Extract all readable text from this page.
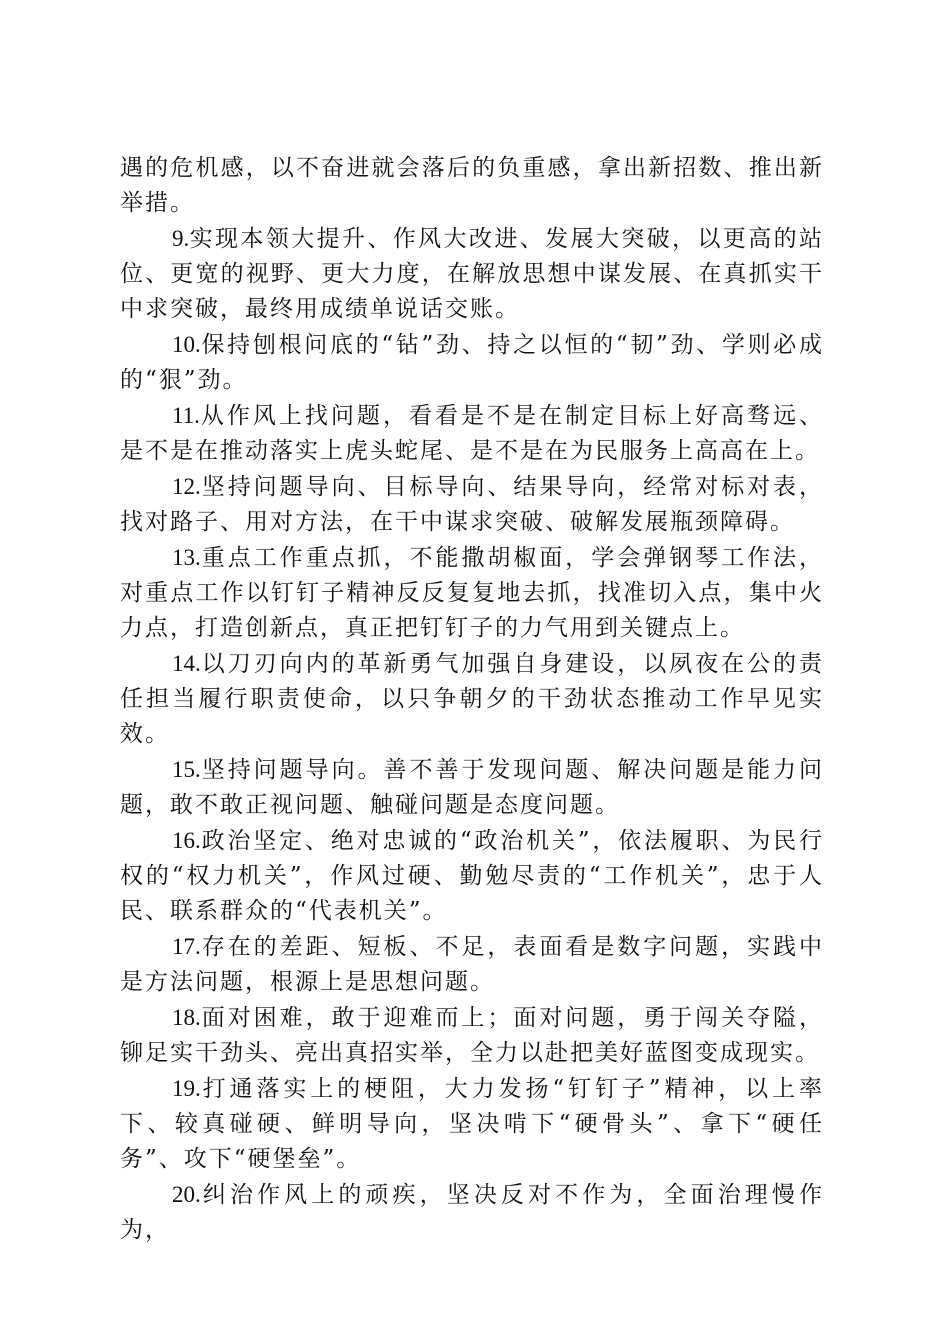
遇的危机感，以不奋进就会落后的负重感，拿出新招数、推出新举措。

9.实现本领大提升、作风大改进、发展大突破，以更高的站位、更宽的视野、更大力度，在解放思想中谋发展、在真抓实干中求突破，最终用成绩单说话交账。

10.保持刨根问底的“钻”劲、持之以恒的“韧”劲、学则必成的“狠”劲。

11.从作风上找问题，看看是不是在制定目标上好高骛远、是不是在推动落实上虎头蛇尾、是不是在为民服务上高高在上。

12.坚持问题导向、目标导向、结果导向，经常对标对表，找对路子、用对方法，在干中谋求突破、破解发展瓶颈障碍。

13.重点工作重点抓，不能撒胡椒面，学会弹钢琴工作法，对重点工作以钉钉子精神反反复复地去抓，找准切入点，集中火力点，打造创新点，真正把钉钉子的力气用到关键点上。

14.以刀刃向内的革新勇气加强自身建设，以夙夜在公的责任担当履行职责使命，以只争朝夕的干劲状态推动工作早见实效。

15.坚持问题导向。善不善于发现问题、解决问题是能力问题，敢不敢正视问题、触碰问题是态度问题。

16.政治坚定、绝对忠诚的“政治机关”，依法履职、为民行权的“权力机关”，作风过硬、勤勉尽责的“工作机关”，忠于人民、联系群众的“代表机关”。

17.存在的差距、短板、不足，表面看是数字问题，实践中是方法问题，根源上是思想问题。

18.面对困难，敢于迎难而上；面对问题，勇于闯关夺隘，铆足实干劲头、亮出真招实举，全力以赴把美好蓝图变成现实。

19.打通落实上的梗阻，大力发扬“钉钉子”精神，以上率下、较真碰硬、鲜明导向，坚决啃下“硬骨头”、拿下“硬任务”、攻下“硬堡垒”。

20.纠治作风上的顽疾，坚决反对不作为，全面治理慢作为，
